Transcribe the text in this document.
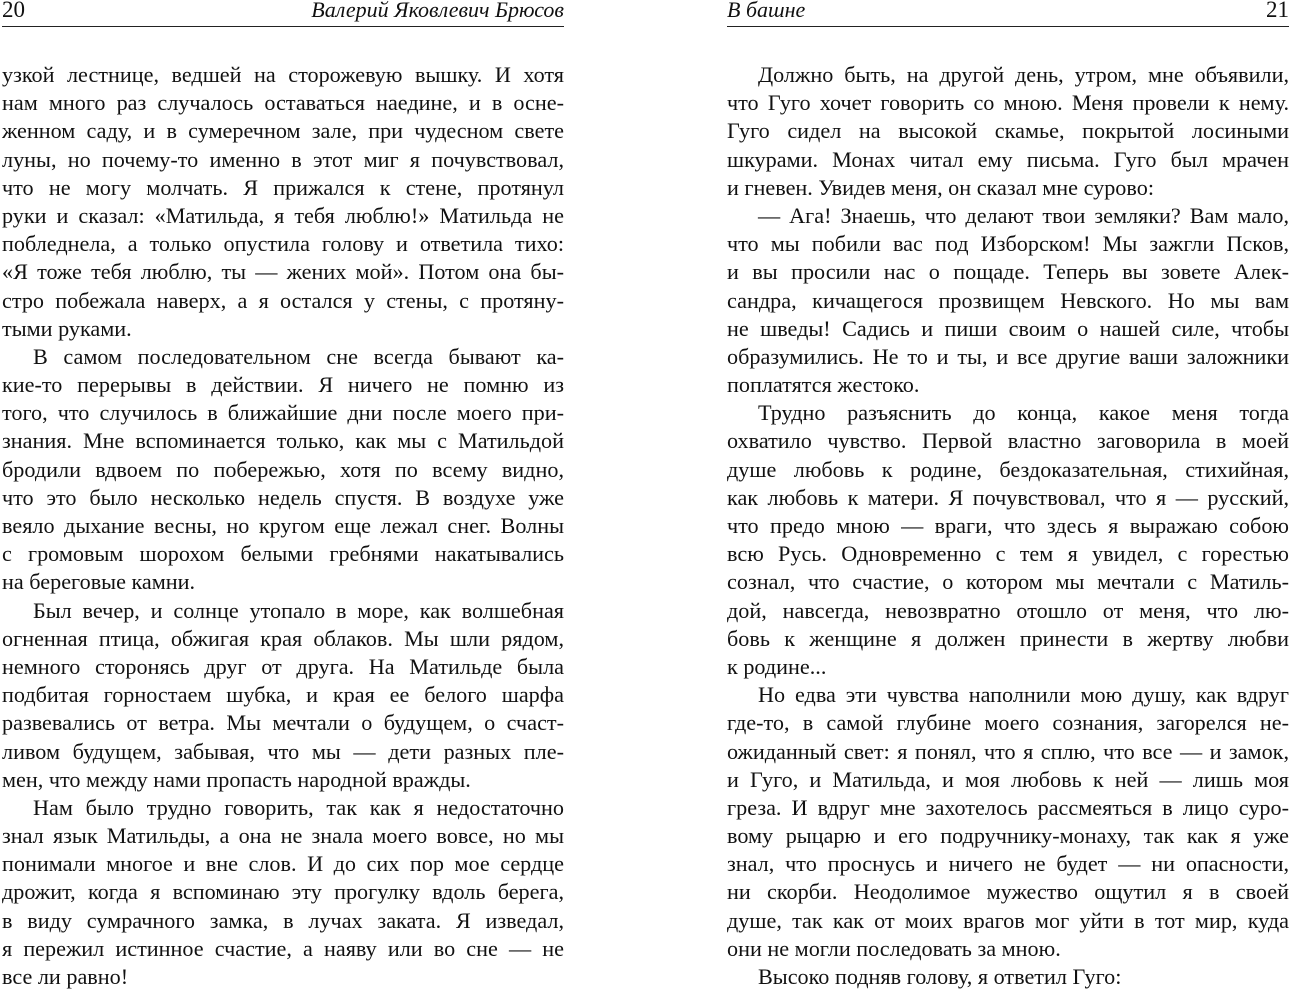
20	Валерий Яковлевич Брюсов
узкой лестнице, ведшей на сторожевую вышку. И хотя
нам много раз случалось оставаться наедине, и в осне-
женном саду, и в сумеречном зале, при чудесном свете
луны, но почему-то именно в этот миг я почувствовал,
что не могу молчать. Я прижался к стене, протянул
руки и сказал: «Матильда, я тебя люблю!» Матильда не
побледнела, а только опустила голову и ответила тихо:
«Я тоже тебя люблю, ты — жених мой». Потом она бы-
стро побежала наверх, а я остался у стены, с протяну-
тыми руками.
В самом последовательном сне всегда бывают ка-
кие-то перерывы в действии. Я ничего не помню из
того, что случилось в ближайшие дни после моего при-
знания. Мне вспоминается только, как мы с Матильдой
бродили вдвоем по побережью, хотя по всему видно,
что это было несколько недель спустя. В воздухе уже
веяло дыхание весны, но кругом еще лежал снег. Волны
с громовым шорохом белыми гребнями накатывались
на береговые камни.
Был вечер, и солнце утопало в море, как волшебная
огненная птица, обжигая края облаков. Мы шли рядом,
немного сторонясь друг от друга. На Матильде была
подбитая горностаем шубка, и края ее белого шарфа
развевались от ветра. Мы мечтали о будущем, о счаст-
ливом будущем, забывая, что мы — дети разных пле-
мен, что между нами пропасть народной вражды.
Нам было трудно говорить, так как я недостаточно
знал язык Матильды, а она не знала моего вовсе, но мы
понимали многое и вне слов. И до сих пор мое сердце
дрожит, когда я вспоминаю эту прогулку вдоль берега,
в виду сумрачного замка, в лучах заката. Я изведал,
я пережил истинное счастие, а наяву или во сне — не
все ли равно!
В башне	21
Должно быть, на другой день, утром, мне объявили,
что Гуго хочет говорить со мною. Меня провели к нему.
Гуго сидел на высокой скамье, покрытой лосиными
шкурами. Монах читал ему письма. Гуго был мрачен
и гневен. Увидев меня, он сказал мне сурово:
— Ага! Знаешь, что делают твои земляки? Вам мало,
что мы побили вас под Изборском! Мы зажгли Псков,
и вы просили нас о пощаде. Теперь вы зовете Алек-
сандра, кичащегося прозвищем Невского. Но мы вам
не шведы! Садись и пиши своим о нашей силе, чтобы
образумились. Не то и ты, и все другие ваши заложники
поплатятся жестоко.
Трудно разъяснить до конца, какое меня тогда
охватило чувство. Первой властно заговорила в моей
душе любовь к родине, бездоказательная, стихийная,
как любовь к матери. Я почувствовал, что я — русский,
что предо мною — враги, что здесь я выражаю собою
всю Русь. Одновременно с тем я увидел, с горестью
сознал, что счастие, о котором мы мечтали с Матиль-
дой, навсегда, невозвратно отошло от меня, что лю-
бовь к женщине я должен принести в жертву любви
к родине...
Но едва эти чувства наполнили мою душу, как вдруг
где-то, в самой глубине моего сознания, загорелся не-
ожиданный свет: я понял, что я сплю, что все — и замок,
и Гуго, и Матильда, и моя любовь к ней — лишь моя
греза. И вдруг мне захотелось рассмеяться в лицо суро-
вому рыцарю и его подручнику-монаху, так как я уже
знал, что проснусь и ничего не будет — ни опасности,
ни скорби. Неодолимое мужество ощутил я в своей
душе, так как от моих врагов мог уйти в тот мир, куда
они не могли последовать за мною.
Высоко подняв голову, я ответил Гуго:
